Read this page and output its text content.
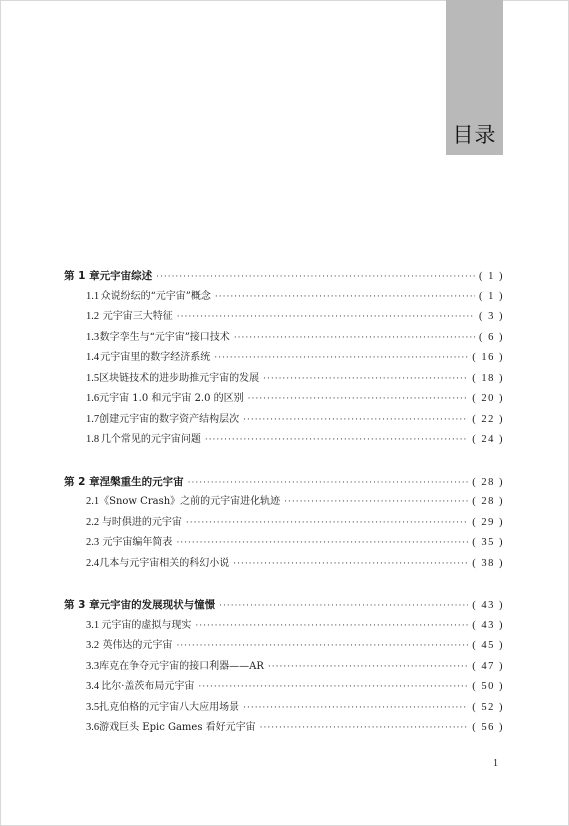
目录
第 1 章 元宇宙综述 ·····	( 1 )
1.1 众说纷纭的“元宇宙”概念 ·····	( 1 )
1.2 元宇宙三大特征 ·····	( 3 )
1.3 数字孪生与“元宇宙”接口技术 ·····	( 6 )
1.4 元宇宙里的数字经济系统 ·····	( 16 )
1.5 区块链技术的进步助推元宇宙的发展 ·····	( 18 )
1.6 元宇宙 1.0 和元宇宙 2.0 的区别 ·····	( 20 )
1.7 创建元宇宙的数字资产结构层次 ·····	( 22 )
1.8 几个常见的元宇宙问题 ·····	( 24 )
第 2 章 涅槃重生的元宇宙 ·····	( 28 )
2.1 《Snow Crash》之前的元宇宙进化轨迹 ·····	( 28 )
2.2 与时俱进的元宇宙 ·····	( 29 )
2.3 元宇宙编年简表 ·····	( 35 )
2.4 几本与元宇宙相关的科幻小说 ·····	( 38 )
第 3 章 元宇宙的发展现状与憧憬 ·····	( 43 )
3.1 元宇宙的虚拟与现实 ·····	( 43 )
3.2 英伟达的元宇宙 ·····	( 45 )
3.3 库克在争夺元宇宙的接口利器——AR ·····	( 47 )
3.4 比尔·盖茨布局元宇宙 ·····	( 50 )
3.5 扎克伯格的元宇宙八大应用场景 ·····	( 52 )
3.6 游戏巨头 Epic Games 看好元宇宙 ·····	( 56 )
1
